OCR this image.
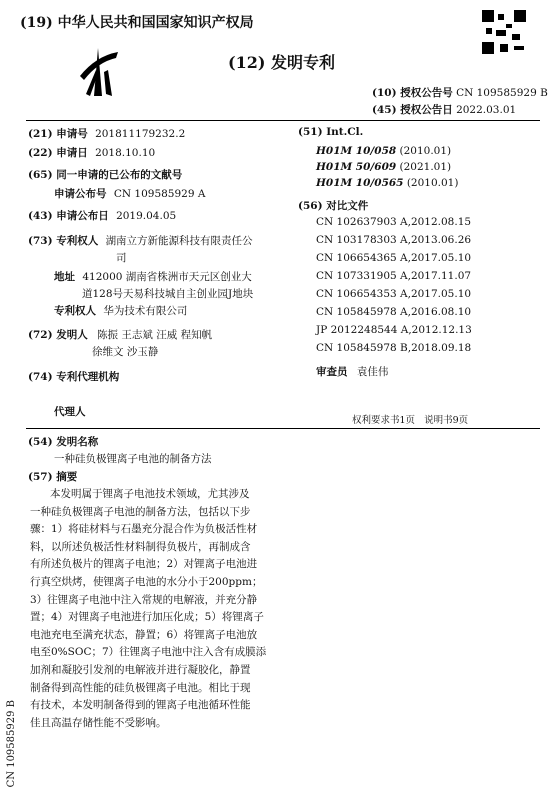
(19) 中华人民共和国国家知识产权局
(12) 发明专利
(10) 授权公告号 CN 109585929 B
(45) 授权公告日 2022.03.01
(21) 申请号 201811179232.2
(22) 申请日 2018.10.10
(65) 同一申请的已公布的文献号
申请公布号 CN 109585929 A
(43) 申请公布日 2019.04.05
(73) 专利权人 湖南立方新能源科技有限责任公
司
地址 412000 湖南省株洲市天元区创业大
道128号天易科技城自主创业园J地块
专利权人 华为技术有限公司
(72) 发明人 陈振 王志斌 汪威 程知帆
徐维文 沙玉静
(74) 专利代理机构
代理人
(51) Int.Cl.
H01M 10/058 (2010.01)
H01M 50/609 (2021.01)
H01M 10/0565 (2010.01)
(56) 对比文件
CN 102637903 A,2012.08.15
CN 103178303 A,2013.06.26
CN 106654365 A,2017.05.10
CN 107331905 A,2017.11.07
CN 106654353 A,2017.05.10
CN 105845978 A,2016.08.10
JP 2012248544 A,2012.12.13
CN 105845978 B,2018.09.18
审查员 袁佳伟
权利要求书1页   说明书9页
(54) 发明名称
一种硅负极锂离子电池的制备方法
(57) 摘要

本发明属于锂离子电池技术领域，尤其涉及

一种硅负极锂离子电池的制备方法，包括以下步

骤：1）将硅材料与石墨充分混合作为负极活性材

料，以所述负极活性材料制得负极片，再制成含

有所述负极片的锂离子电池；2）对锂离子电池进

行真空烘烤，使锂离子电池的水分小于200ppm；

3）往锂离子电池中注入常规的电解液，并充分静

置；4）对锂离子电池进行加压化成；5）将锂离子

电池充电至满充状态，静置；6）将锂离子电池放

电至0%SOC；7）往锂离子电池中注入含有成膜添

加剂和凝胶引发剂的电解液并进行凝胶化，静置

制备得到高性能的硅负极锂离子电池。相比于现

有技术，本发明制备得到的锂离子电池循环性能

佳且高温存储性能不受影响。

CN 109585929 B
